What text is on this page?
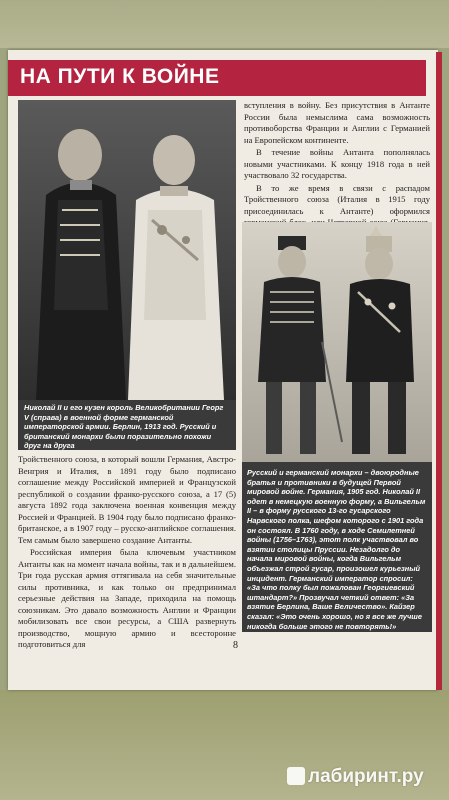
НА ПУТИ К ВОЙНЕ
Николай II и его кузен король Великобритании Георг V (справа) в военной форме германской императорской армии. Берлин, 1913 год. Русский и британский монархи были поразительно похожи друг на друга

вступления в войну. Без присутствия в Антанте России была немыслима сама возможность противоборства Франции и Англии с Германией на Европейском континенте.

В течение войны Антанта пополнялась новыми участниками. К концу 1918 года в ней участвовало 32 государства.

В то же время в связи с распадом Тройственного союза (Италия в 1915 году присоединилась к Антанте) оформился

Русский и германский монархи – двоюродные братья и противники в будущей Первой мировой войне. Германия, 1905 год. Николай II одет в немецкую военную форму, а Вильгельм II – в форму русского 13-го гусарского Нарвского полка, шефом которого с 1901 года он состоял. В 1760 году, в ходе Семилетней войны (1756–1763), этот полк участвовал во взятии столицы Пруссии. Незадолго до начала мировой войны, когда Вильгельм объезжал строй гусар, произошел курьезный инцидент. Германский император спросил: «За что полку был пожалован Георгиевский штандарт?» Прозвучал четкий ответ: «За взятие Берлина, Ваше Величество». Кайзер сказал: «Это очень хорошо, но я все же лучше никогда больше этого не повторять!»

Тройственного союза, в который вошли Германия, Австро-Венгрия и Италия, в 1891 году было подписано соглашение между Российской империей и Французской республикой о создании франко-русского союза, а 17 (5) августа 1892 года заключена военная конвенция между Россией и Францией. В 1904 году было подписано франко-британское, а в 1907 году – русско-английское соглашения. Тем самым было завершено создание Антанты.

Российская империя была ключевым участником Антанты как на момент начала войны, так и в дальнейшем. Три года русская армия оттягивала на себя значительные силы противника, и как только он предпринимал серьезные действия на Западе, приходила на помощь союзникам. Это давало возможность Англии и Франции мобилизовать все свои ресурсы, а США развернуть производство, мощную армию и всесторонне подготовиться для	8
лабиринт.ру
